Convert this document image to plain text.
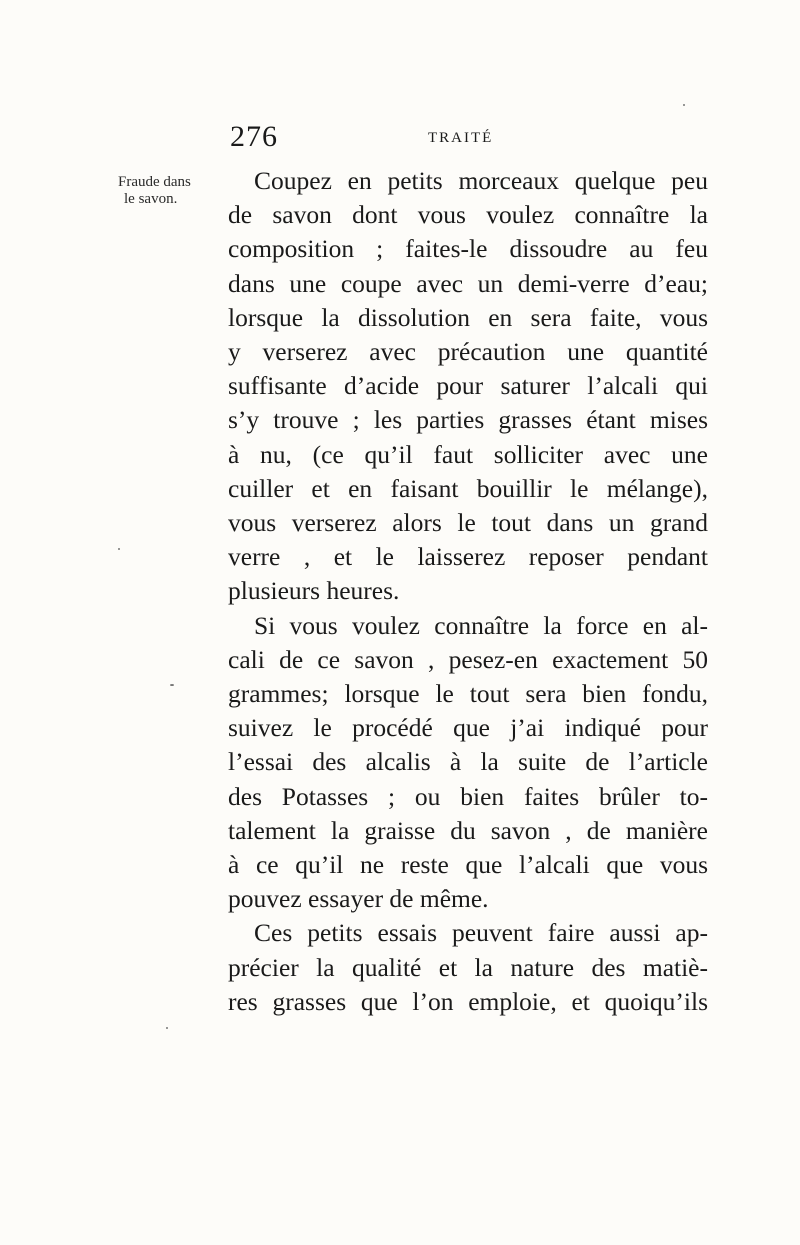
276	TRAITÉ
Fraude dans
le savon.
Coupez en petits morceaux quelque peu
de savon dont vous voulez connaître la
composition ; faites-le dissoudre au feu
dans une coupe avec un demi-verre d’eau;
lorsque la dissolution en sera faite, vous
y verserez avec précaution une quantité
suffisante d’acide pour saturer l’alcali qui
s’y trouve ; les parties grasses étant mises
à nu, (ce qu’il faut solliciter avec une
cuiller et en faisant bouillir le mélange),
vous verserez alors le tout dans un grand
verre , et le laisserez reposer pendant
plusieurs heures.
Si vous voulez connaître la force en al-
cali de ce savon , pesez-en exactement 50
grammes; lorsque le tout sera bien fondu,
suivez le procédé que j’ai indiqué pour
l’essai des alcalis à la suite de l’article
des Potasses ; ou bien faites brûler to-
talement la graisse du savon , de manière
à ce qu’il ne reste que l’alcali que vous
pouvez essayer de même.
Ces petits essais peuvent faire aussi ap-
précier la qualité et la nature des matiè-
res grasses que l’on emploie, et quoiqu’ils
